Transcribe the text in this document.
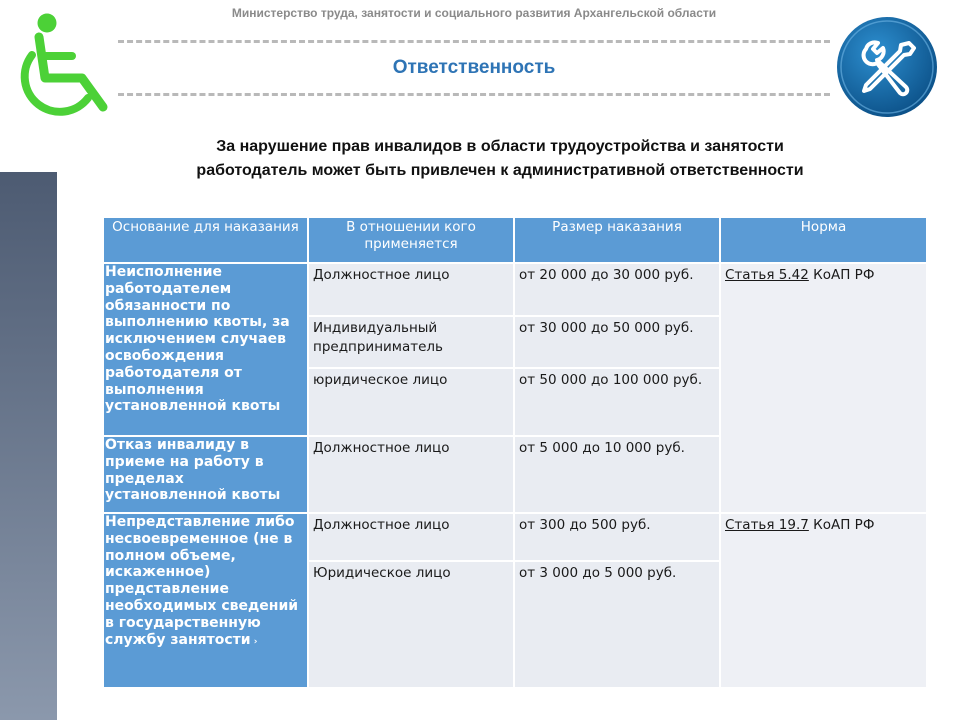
Министерство труда, занятости и социального развития Архангельской области
Ответственность
За нарушение прав инвалидов в области трудоустройства и занятости
работодатель может быть привлечен к административной ответственности
Основание для наказания	В отношении кого применяется	Размер наказания	Норма
Неисполнение работодателем обязанности по выполнению квоты, за исключением случаев освобождения работодателя от выполнения установленной квоты	Должностное лицо	от 20 000 до 30 000 руб.	Статья 5.42 КоАП РФ
	Индивидуальный предприниматель	от 30 000 до 50 000 руб.	
	юридическое лицо	от 50 000 до 100 000 руб.	
Отказ инвалиду в приеме на работу в пределах установленной квоты	Должностное лицо	от 5 000 до 10 000 руб.	
Непредставление либо несвоевременное (не в полном объеме, искаженное) представление необходимых сведений в государственную службу занятости ›	Должностное лицо	от 300 до 500 руб.	Статья 19.7 КоАП РФ
	Юридическое лицо	от 3 000 до 5 000 руб.	
